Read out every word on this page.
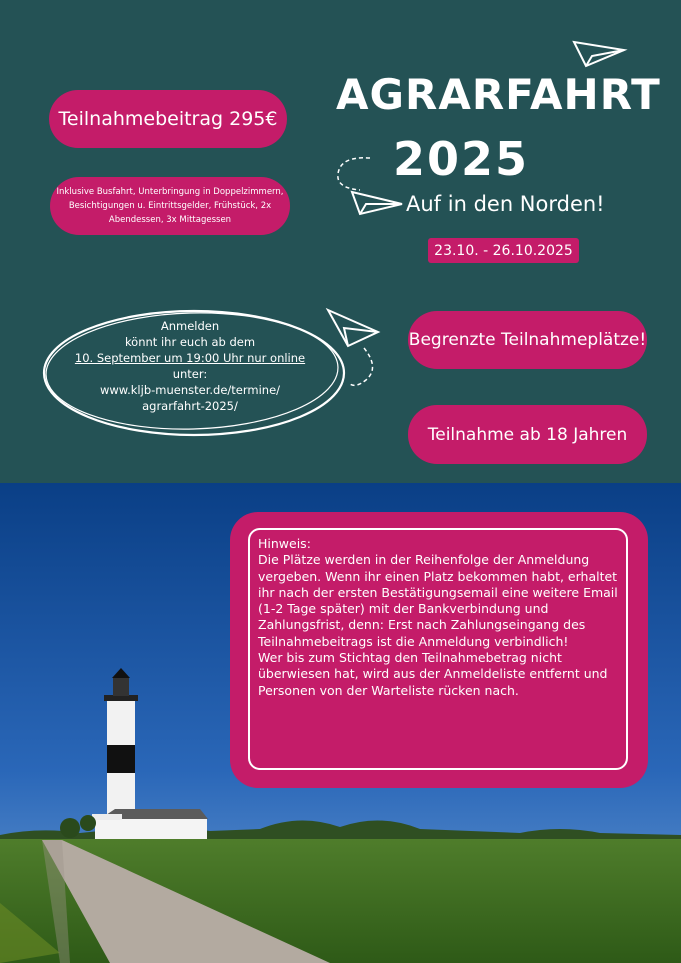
Teilnahmebeitrag 295€
Inklusive Busfahrt, Unterbringung in Doppelzimmern, Besichtigungen u. Eintrittsgelder, Frühstück, 2x Abendessen, 3x Mittagessen
AGRARFAHRT
2025
Auf in den Norden!
23.10. - 26.10.2025
Anmelden
könnt ihr euch ab dem
10. September um 19:00 Uhr nur online
unter:
www.kljb-muenster.de/termine/
agrarfahrt-2025/
Begrenzte Teilnahmeplätze!
Teilnahme ab 18 Jahren
Hinweis:
Die Plätze werden in der Reihenfolge der Anmeldung vergeben. Wenn ihr einen Platz bekommen habt, erhaltet ihr nach der ersten Bestätigungsemail eine weitere Email (1-2 Tage später) mit der Bankverbindung und Zahlungsfrist, denn: Erst nach Zahlungseingang des Teilnahmebeitrags ist die Anmeldung verbindlich!
Wer bis zum Stichtag den Teilnahmebetrag nicht überwiesen hat, wird aus der Anmeldeliste entfernt und Personen von der Warteliste rücken nach.
